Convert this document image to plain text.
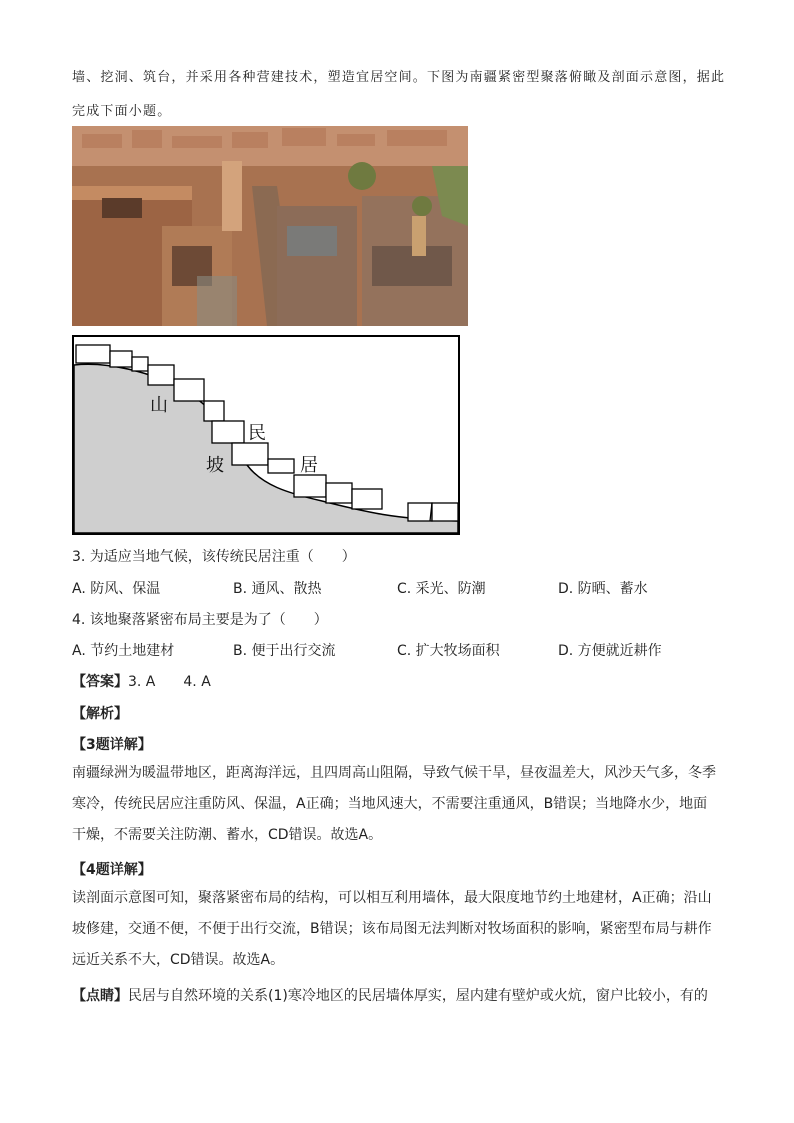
墙、挖洞、筑台，并采用各种营建技术，塑造宜居空间。下图为南疆紧密型聚落俯瞰及剖面示意图，据此
完成下面小题。
山
坡
民
居
3. 为适应当地气候，该传统民居注重（　　）
A. 防风、保温	B. 通风、散热	C. 采光、防潮	D. 防晒、蓄水
4. 该地聚落紧密布局主要是为了（　　）
A. 节约土地建材	B. 便于出行交流	C. 扩大牧场面积	D. 方便就近耕作
【答案】3. A　　4. A
【解析】
【3题详解】
南疆绿洲为暖温带地区，距离海洋远，且四周高山阻隔，导致气候干旱，昼夜温差大，风沙天气多，冬季
寒冷，传统民居应注重防风、保温，A正确；当地风速大，不需要注重通风，B错误；当地降水少，地面
干燥，不需要关注防潮、蓄水，CD错误。故选A。
【4题详解】
读剖面示意图可知，聚落紧密布局的结构，可以相互利用墙体，最大限度地节约土地建材，A正确；沿山
坡修建，交通不便，不便于出行交流，B错误；该布局图无法判断对牧场面积的影响，紧密型布局与耕作
远近关系不大，CD错误。故选A。
【点睛】民居与自然环境的关系(1)寒冷地区的民居墙体厚实，屋内建有壁炉或火炕，窗户比较小，有的
